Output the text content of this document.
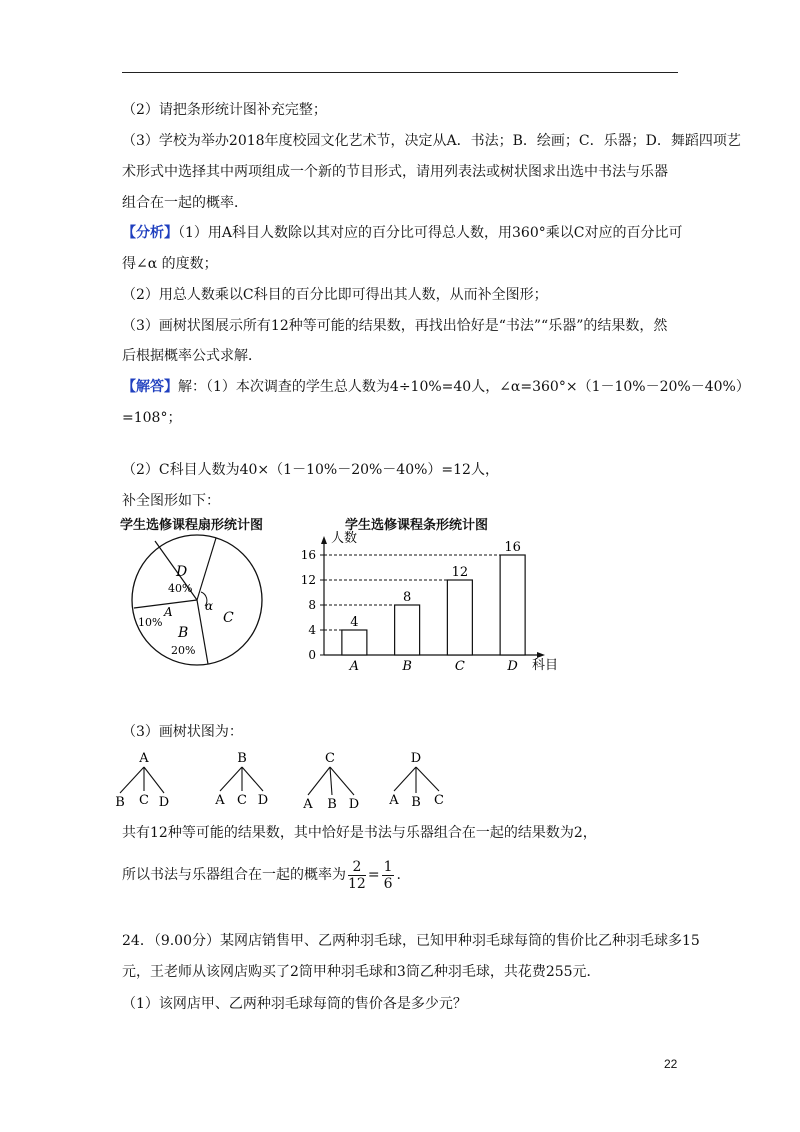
（2）请把条形统计图补充完整；
（3）学校为举办2018年度校园文化艺术节，决定从A．书法；B．绘画；C．乐器；D．舞蹈四项艺
术形式中选择其中两项组成一个新的节目形式，请用列表法或树状图求出选中书法与乐器
组合在一起的概率．
【分析】（1）用A科目人数除以其对应的百分比可得总人数，用360°乘以C对应的百分比可
得∠α 的度数；
（2）用总人数乘以C科目的百分比即可得出其人数，从而补全图形；
（3）画树状图展示所有12种等可能的结果数，再找出恰好是“书法”“乐器”的结果数，然
后根据概率公式求解．
【解答】解：（1）本次调查的学生总人数为4÷10%=40人，∠α=360°×（1－10%－20%－40%）
=108°；
（2）C科目人数为40×（1－10%－20%－40%）=12人，
补全图形如下：
学生选修课程扇形统计图
D
40%
A
10%
B
20%
C
α
学生选修课程条形统计图
人数
科目
0
4
8
12
16
4
A
8
B
12
C
16
D
（3）画树状图为：
A
B C D
B
A C D
C
A B D
D
A B C
共有12种等可能的结果数，其中恰好是书法与乐器组合在一起的结果数为2，
所以书法与乐器组合在一起的概率为 $\frac{2}{12} = \frac{1}{6}$ .
24．（9.00分）某网店销售甲、乙两种羽毛球，已知甲种羽毛球每筒的售价比乙种羽毛球多15
元，王老师从该网店购买了2筒甲种羽毛球和3筒乙种羽毛球，共花费255元．
（1）该网店甲、乙两种羽毛球每筒的售价各是多少元？
22
